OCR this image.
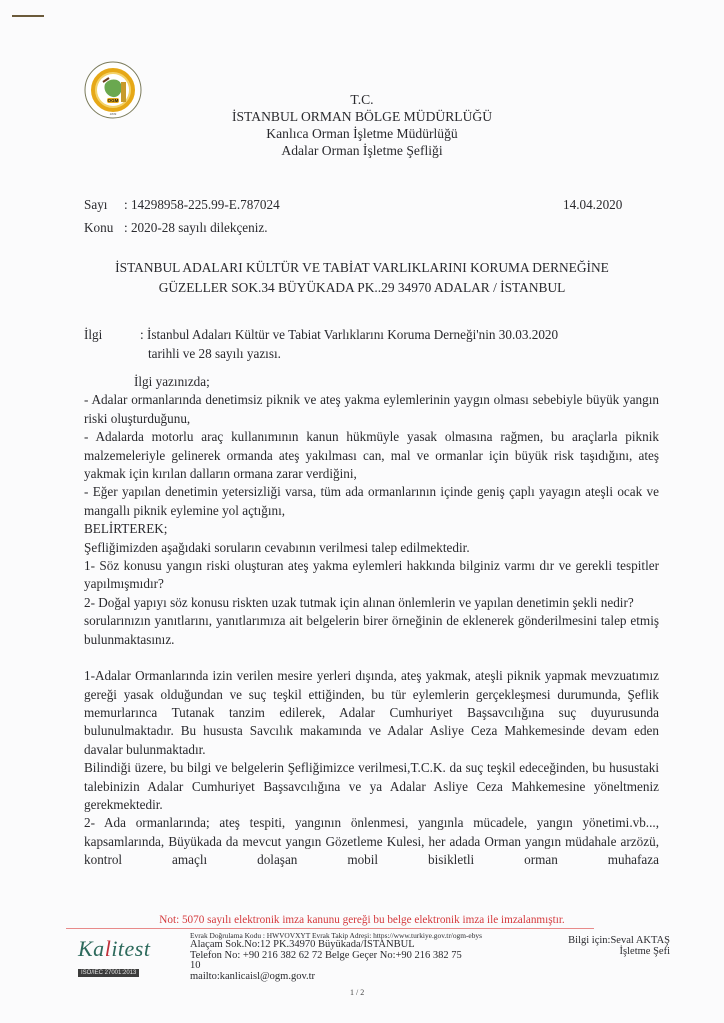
OGM
1839
T.C.
İSTANBUL ORMAN BÖLGE MÜDÜRLÜĞÜ
Kanlıca Orman İşletme Müdürlüğü
Adalar Orman İşletme Şefliği
Sayı : 14298958-225.99-E.787024	14.04.2020
Konu : 2020-28 sayılı dilekçeniz.
İSTANBUL ADALARI KÜLTÜR VE TABİAT VARLIKLARINI KORUMA DERNEĞİNE
GÜZELLER SOK.34 BÜYÜKADA PK..29 34970 ADALAR / İSTANBUL
İlgi	: İstanbul Adaları Kültür ve Tabiat Varlıklarını Koruma Derneği'nin 30.03.2020
tarihli ve 28 sayılı yazısı.

İlgi yazınızda;

- Adalar ormanlarında denetimsiz piknik ve ateş yakma eylemlerinin yaygın olması sebebiyle büyük yangın riski oluşturduğunu,

- Adalarda motorlu araç kullanımının kanun hükmüyle yasak olmasına rağmen, bu araçlarla piknik malzemeleriyle gelinerek ormanda ateş yakılması can, mal ve ormanlar için büyük risk taşıdığını, ateş yakmak için kırılan dalların ormana zarar verdiğini,

- Eğer yapılan denetimin yetersizliği varsa, tüm ada ormanlarının içinde geniş çaplı yayagın ateşli ocak ve mangallı piknik eylemine yol açtığını,

BELİRTEREK;

Şefliğimizden aşağıdaki soruların cevabının verilmesi talep edilmektedir.

1- Söz konusu yangın riski oluşturan ateş yakma eylemleri hakkında bilginiz varmı dır ve gerekli tespitler yapılmışmıdır?

2- Doğal yapıyı söz konusu riskten uzak tutmak için alınan önlemlerin ve yapılan denetimin şekli nedir?

sorularınızın yanıtlarını, yanıtlarımıza ait belgelerin birer örneğinin de eklenerek gönderilmesini talep etmiş bulunmaktasınız.

1-Adalar Ormanlarında izin verilen mesire yerleri dışında, ateş yakmak, ateşli piknik yapmak mevzuatımız gereği yasak olduğundan ve suç teşkil ettiğinden, bu tür eylemlerin gerçekleşmesi durumunda, Şeflik memurlarınca Tutanak tanzim edilerek, Adalar Cumhuriyet Başsavcılığına suç duyurusunda bulunulmaktadır. Bu hususta Savcılık makamında ve Adalar Asliye Ceza Mahkemesinde devam eden davalar bulunmaktadır.

Bilindiği üzere, bu bilgi ve belgelerin Şefliğimizce verilmesi,T.C.K. da suç teşkil edeceğinden, bu husustaki talebinizin Adalar Cumhuriyet Başsavcılığına ve ya Adalar Asliye Ceza Mahkemesine yöneltmeniz gerekmektedir.

2- Ada ormanlarında; ateş tespiti, yangının önlenmesi, yangınla mücadele, yangın yönetimi.vb..., kapsamlarında, Büyükada da mevcut yangın Gözetleme Kulesi, her adada Orman yangın müdahale arzözü, kontrol amaçlı dolaşan mobil bisikletli orman muhafaza

Not: 5070 sayılı elektronik imza kanunu gereği bu belge elektronik imza ile imzalanmıştır.
Kalitest
ISO/IEC 27001:2013
Evrak Doğrulama Kodu : HWVOVXYT Evrak Takip Adresi: https://www.turkiye.gov.tr/ogm-ebys
Alaçam Sok.No:12 PK.34970 Büyükada/İSTANBUL
Telefon No: +90 216 382 62 72 Belge Geçer No:+90 216 382 75
10
mailto:kanlicaisl@ogm.gov.tr
Bilgi için:Seval AKTAŞ
İşletme Şefi
1 / 2
